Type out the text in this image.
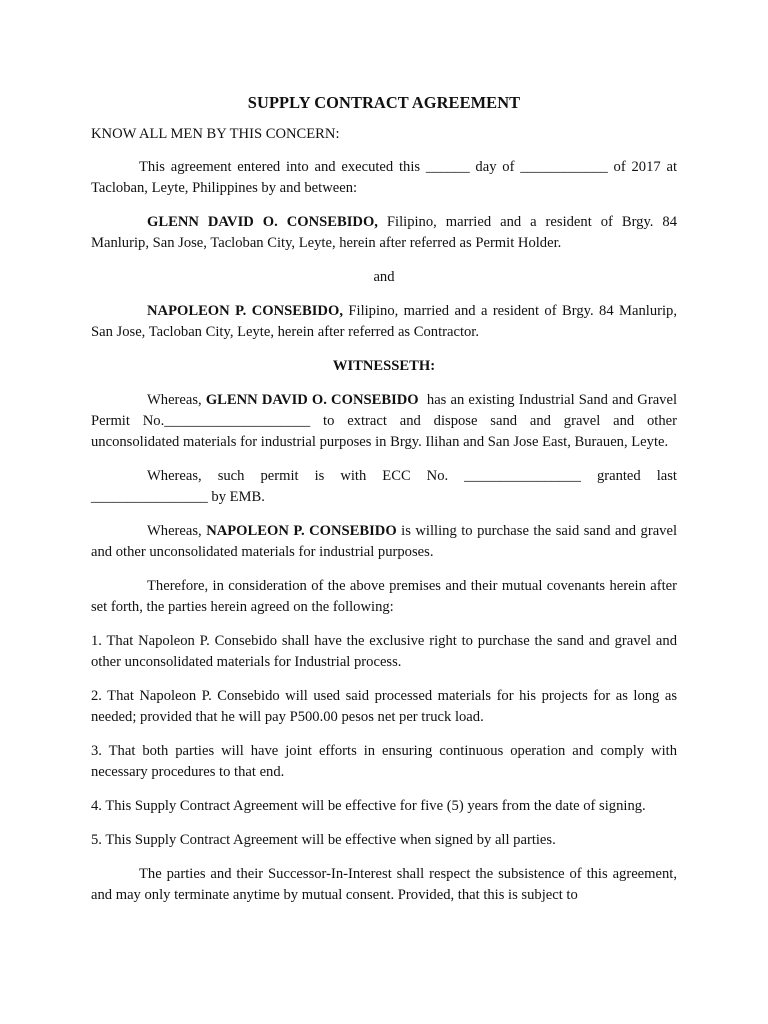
SUPPLY CONTRACT AGREEMENT

KNOW ALL MEN BY THIS CONCERN:

This agreement entered into and executed this ______ day of ____________ of 2017 at Tacloban, Leyte, Philippines by and between:

GLENN DAVID O. CONSEBIDO, Filipino, married and a resident of Brgy. 84 Manlurip, San Jose, Tacloban City, Leyte, herein after referred as Permit Holder.

and

NAPOLEON P. CONSEBIDO, Filipino, married and a resident of Brgy. 84 Manlurip, San Jose, Tacloban City, Leyte, herein after referred as Contractor.

WITNESSETH:

Whereas, GLENN DAVID O. CONSEBIDO  has an existing Industrial Sand and Gravel Permit No.____________________ to extract and dispose sand and gravel and other unconsolidated materials for industrial purposes in Brgy. Ilihan and San Jose East, Burauen, Leyte.

Whereas, such permit is with ECC No. ________________ granted last ________________ by EMB.

Whereas, NAPOLEON P. CONSEBIDO is willing to purchase the said sand and gravel and other unconsolidated materials for industrial purposes.

Therefore, in consideration of the above premises and their mutual covenants herein after set forth, the parties herein agreed on the following:

1. That Napoleon P. Consebido shall have the exclusive right to purchase the sand and gravel and other unconsolidated materials for Industrial process.

2. That Napoleon P. Consebido will used said processed materials for his projects for as long as needed; provided that he will pay P500.00 pesos net per truck load.

3. That both parties will have joint efforts in ensuring continuous operation and comply with necessary procedures to that end.

4. This Supply Contract Agreement will be effective for five (5) years from the date of signing.

5. This Supply Contract Agreement will be effective when signed by all parties.

The parties and their Successor-In-Interest shall respect the subsistence of this agreement, and may only terminate anytime by mutual consent. Provided, that this is subject to
